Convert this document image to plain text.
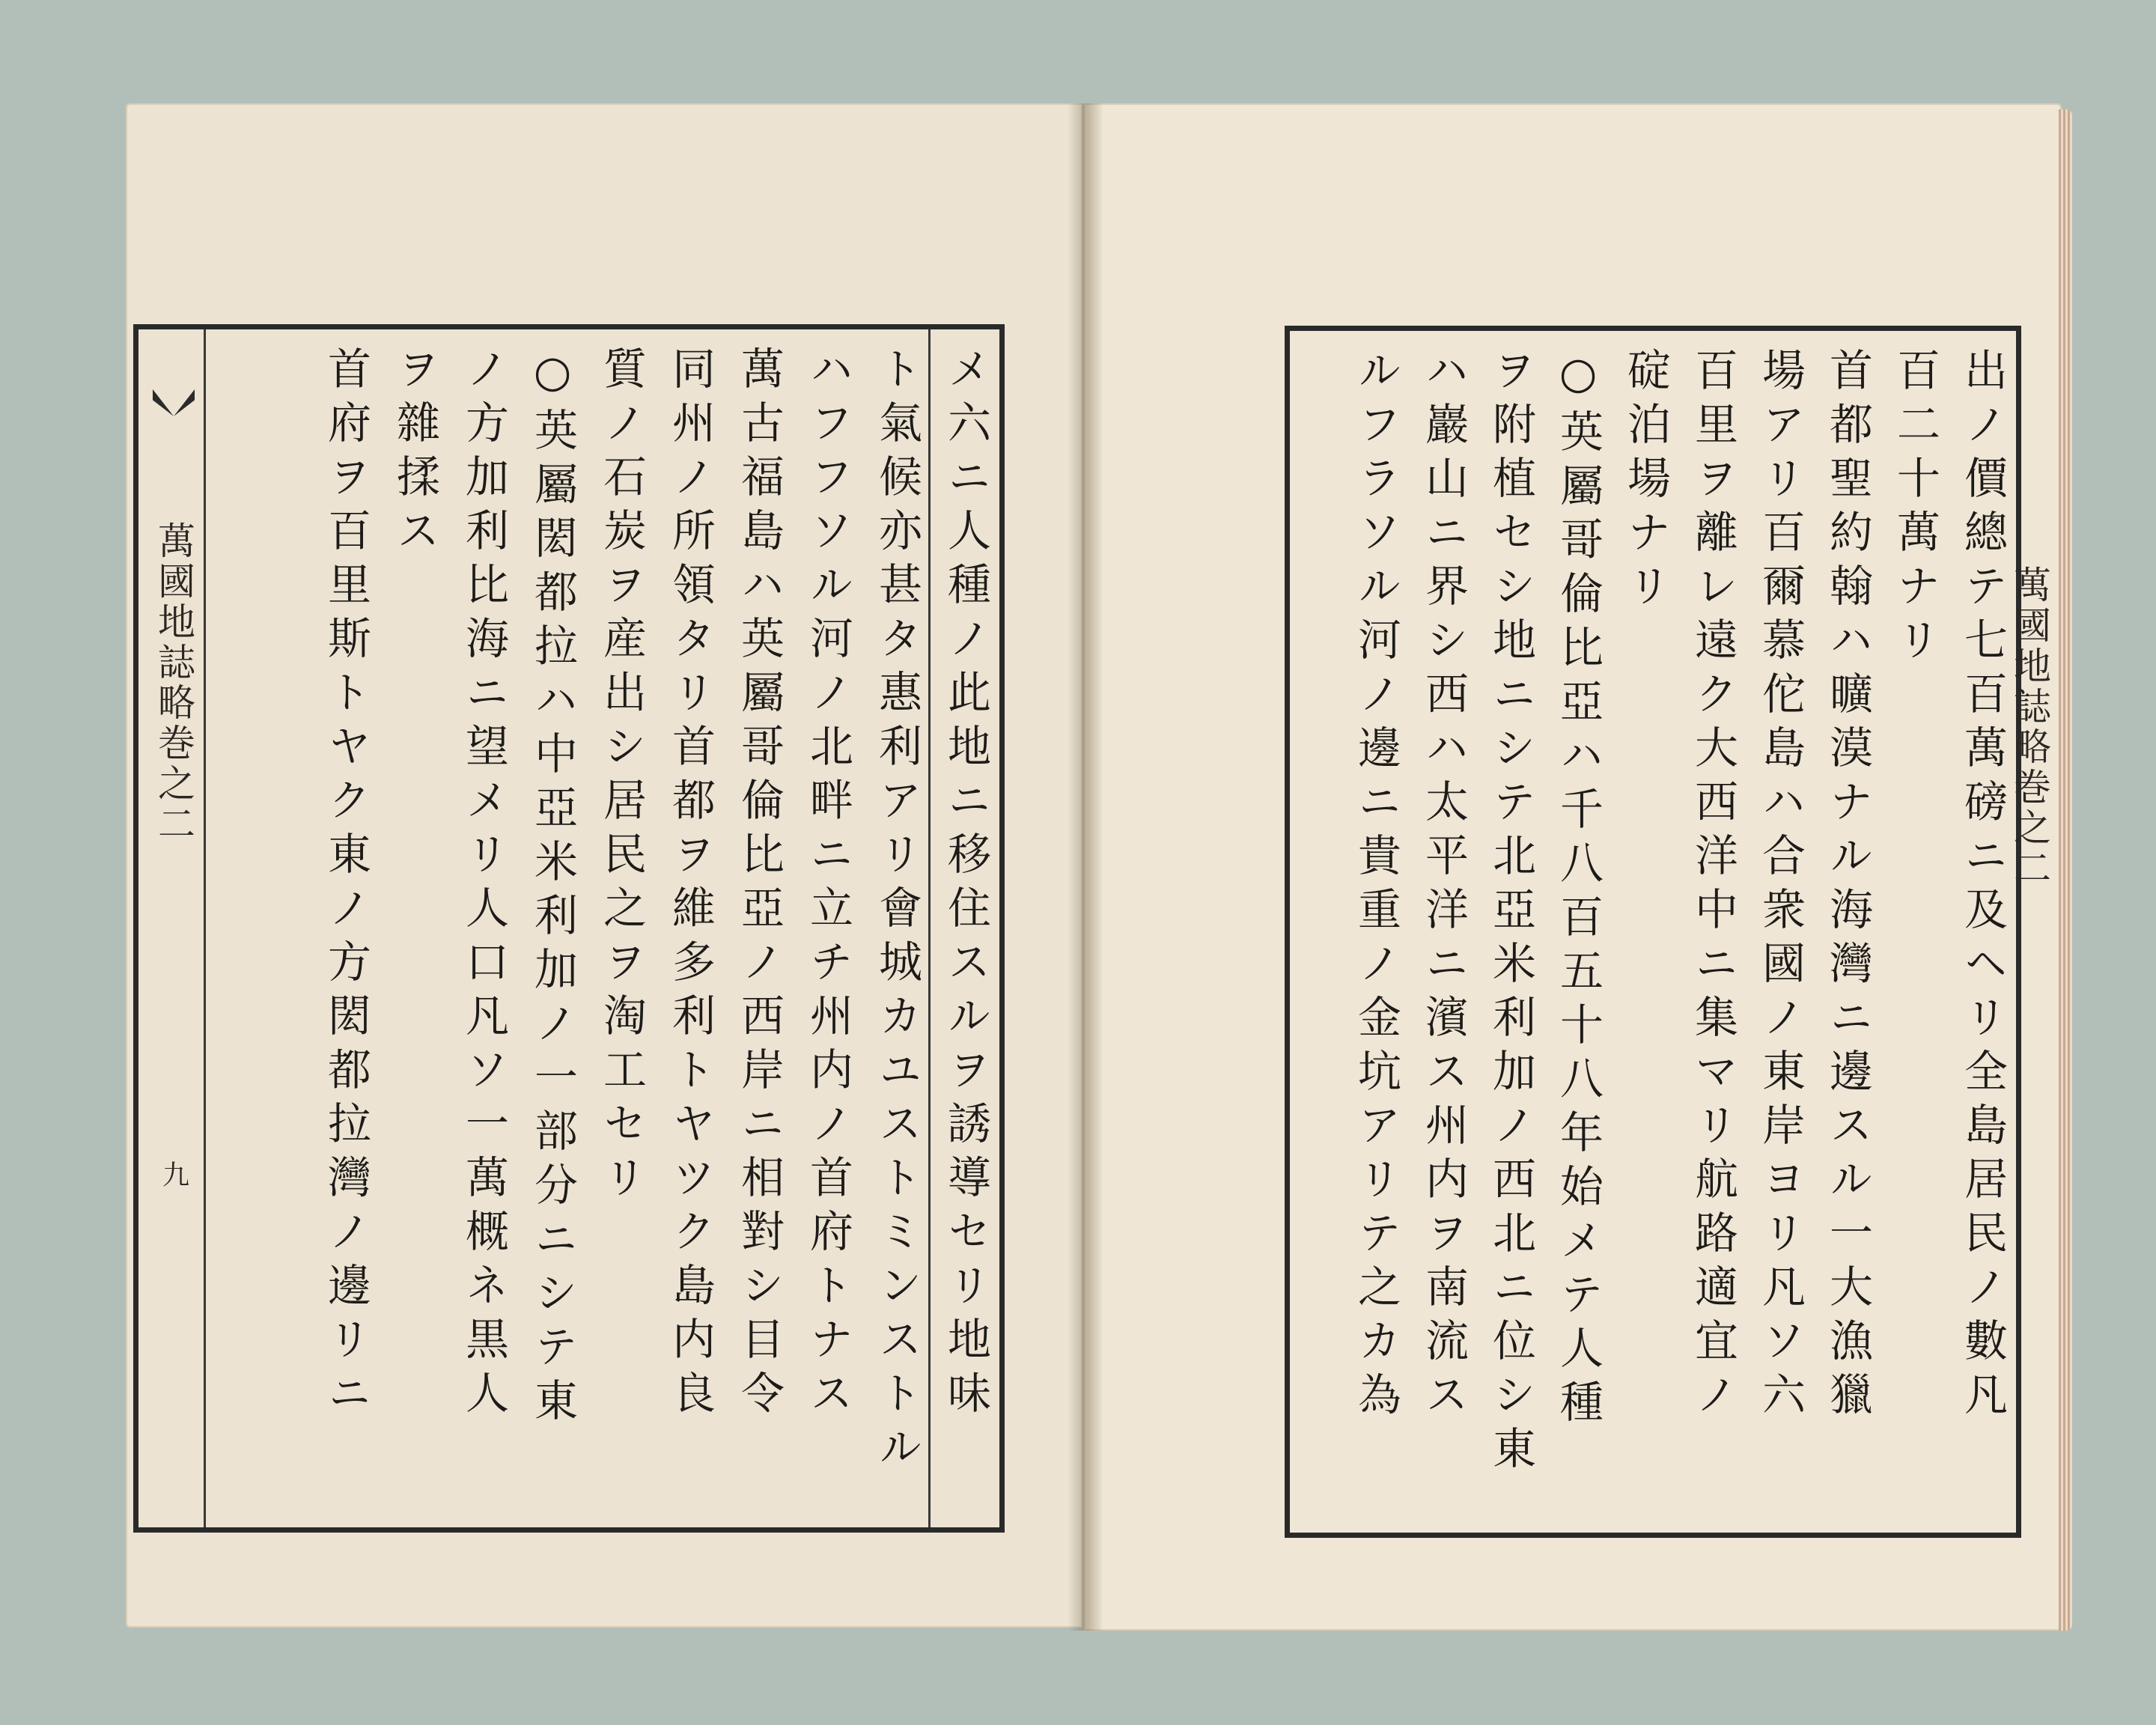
メ六ニ人種ノ此地ニ移住スルヲ誘導セリ地味
ト氣候亦甚タ惠利アリ會城カユストミンストル
ハフフソル河ノ北畔ニ立チ州内ノ首府トナス
萬古福島ハ英屬哥倫比亞ノ西岸ニ相對シ目令
同州ノ所領タリ首都ヲ維多利トヤツク島内良
質ノ石炭ヲ産出シ居民之ヲ淘工セリ
○英屬閎都拉ハ中亞米利加ノ一部分ニシテ東
ノ方加利比海ニ望メリ人口凡ソ一萬概ネ黒人
ヲ雜揉ス
首府ヲ百里斯トヤク東ノ方閎都拉灣ノ邊リニ
萬國地誌略巻之二
九	出ノ價總テ七百萬磅ニ及ヘリ全島居民ノ數凡
百二十萬ナリ
首都聖約翰ハ曠漠ナル海灣ニ邊スル一大漁獵
場アリ百爾慕佗島ハ合衆國ノ東岸ヨリ凡ソ六
百里ヲ離レ遠ク大西洋中ニ集マリ航路適宜ノ
碇泊場ナリ
○英屬哥倫比亞ハ千八百五十八年始メテ人種
ヲ附植セシ地ニシテ北亞米利加ノ西北ニ位シ東
ハ巖山ニ界シ西ハ太平洋ニ濱ス州内ヲ南流ス
ルフラソル河ノ邊ニ貴重ノ金坑アリテ之カ為	萬國地誌略巻之二
